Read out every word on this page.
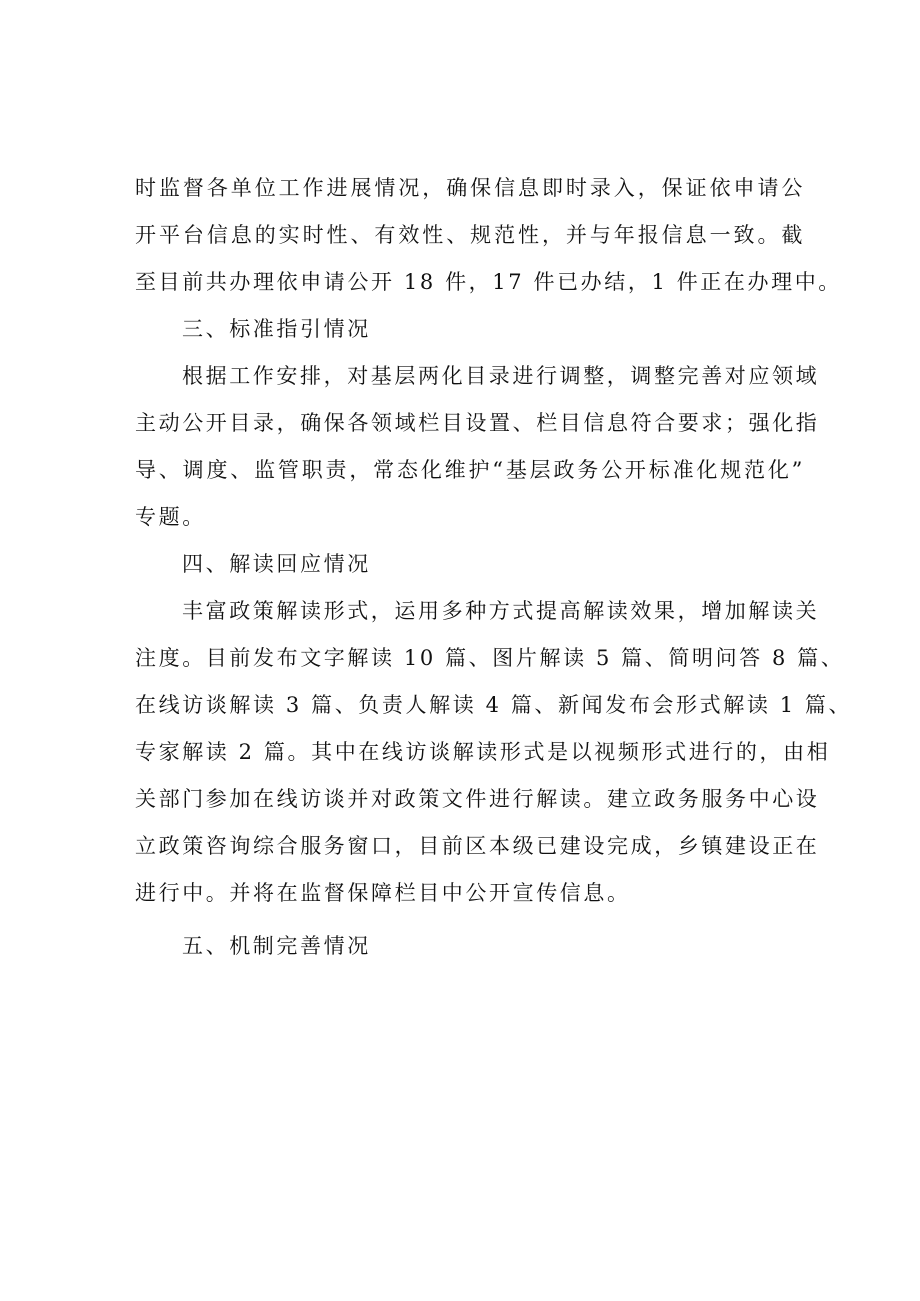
时监督各单位工作进展情况，确保信息即时录入，保证依申请公
开平台信息的实时性、有效性、规范性，并与年报信息一致。截
至目前共办理依申请公开 18 件，17 件已办结，1 件正在办理中。
三、标准指引情况
根据工作安排，对基层两化目录进行调整，调整完善对应领域
主动公开目录，确保各领域栏目设置、栏目信息符合要求；强化指
导、调度、监管职责，常态化维护“基层政务公开标准化规范化”
专题。
四、解读回应情况
丰富政策解读形式，运用多种方式提高解读效果，增加解读关
注度。目前发布文字解读 10 篇、图片解读 5 篇、简明问答 8 篇、
在线访谈解读 3 篇、负责人解读 4 篇、新闻发布会形式解读 1 篇、
专家解读 2 篇。其中在线访谈解读形式是以视频形式进行的，由相
关部门参加在线访谈并对政策文件进行解读。建立政务服务中心设
立政策咨询综合服务窗口，目前区本级已建设完成，乡镇建设正在
进行中。并将在监督保障栏目中公开宣传信息。
五、机制完善情况
